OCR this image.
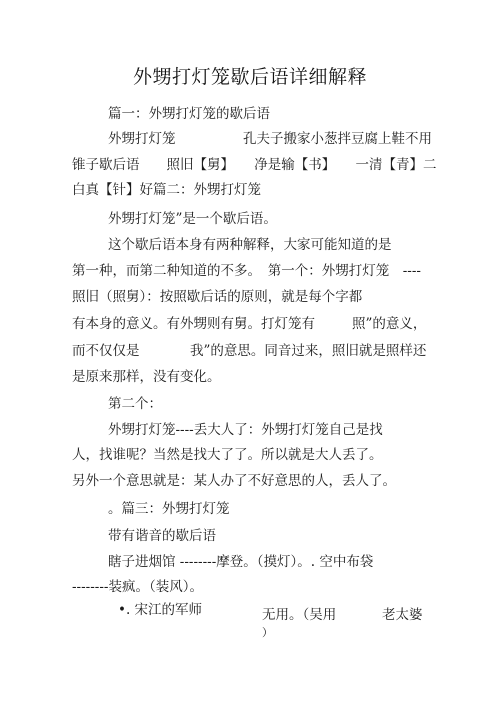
外甥打灯笼歇后语详细解释
篇一：外甥打灯笼的歇后语
外甥打灯笼	孔夫子搬家小葱拌豆腐上鞋不用
锥子歇后语　　照旧【舅】　　净是输【书】　　一清【青】二
白真【针】好篇二：外甥打灯笼
外甥打灯笼”是一个歇后语。
这个歇后语本身有两种解释，大家可能知道的是
第一种，而第二种知道的不多。　第一个：外甥打灯笼　----
照旧（照舅）：按照歇后话的原则，就是每个字都
有本身的意义。有外甥则有舅。打灯笼有	照”的意义，
而不仅仅是	我”的意思。同音过来，照旧就是照样还
是原来那样，没有变化。
第二个：
外甥打灯笼----丢大人了：外甥打灯笼自己是找
人，找谁呢？当然是找大了了。所以就是大人丢了。
另外一个意思就是：某人办了不好意思的人，丢人了。
。篇三：外甥打灯笼
带有谐音的歇后语
瞎子进烟馆 --------摩登。（摸灯）。. 空中布袋
--------装疯。（装风）。
•. 宋江的军师	无用。（吴用	老太婆
）
